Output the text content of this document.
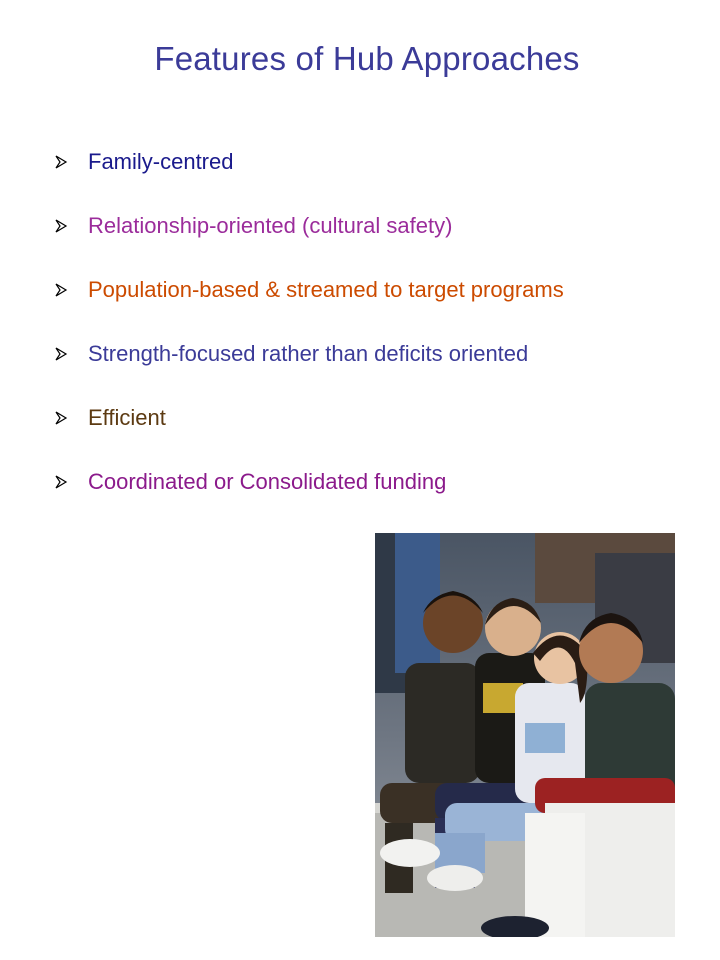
Features of Hub Approaches
Family-centred
Relationship-oriented (cultural safety)
Population-based & streamed to target programs
Strength-focused rather than deficits oriented
Efficient
Coordinated or Consolidated funding
